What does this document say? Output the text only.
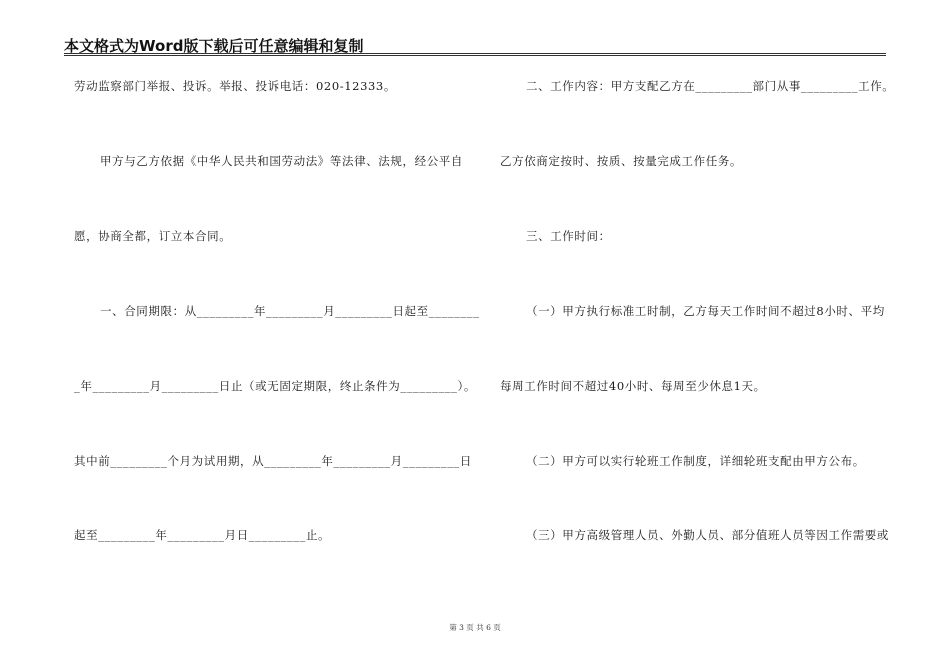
本文格式为Word版下载后可任意编辑和复制
劳动监察部门举报、投诉。举报、投诉电话：020-12333。
甲方与乙方依据《中华人民共和国劳动法》等法律、法规，经公平自
愿，协商全都，订立本合同。
一、合同期限：从_________年_________月_________日起至________
_年_________月_________日止（或无固定期限，终止条件为_________）。
其中前_________个月为试用期，从_________年_________月_________日
起至_________年_________月日_________止。
二、工作内容：甲方支配乙方在_________部门从事_________工作。
乙方依商定按时、按质、按量完成工作任务。
三、工作时间：
（一）甲方执行标准工时制，乙方每天工作时间不超过8小时、平均
每周工作时间不超过40小时、每周至少休息1天。
（二）甲方可以实行轮班工作制度，详细轮班支配由甲方公布。
（三）甲方高级管理人员、外勤人员、部分值班人员等因工作需要或
第 3 页 共 6 页
